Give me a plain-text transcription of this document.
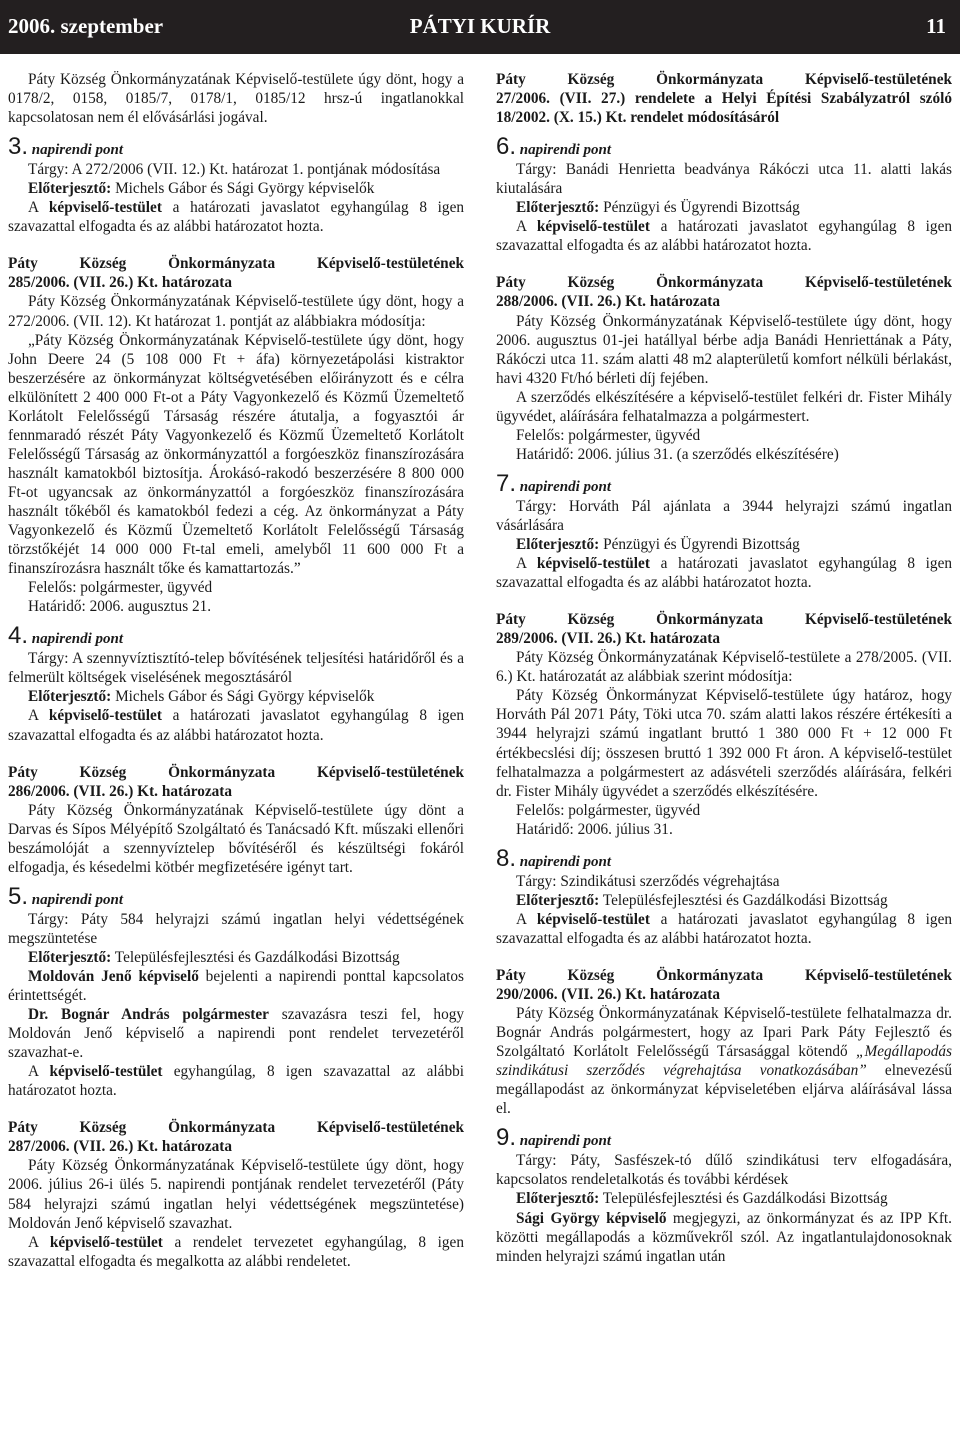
2006. szeptember	PÁTYI KURÍR	11

Páty Község Önkormányzatának Képviselő-testülete úgy dönt, hogy a 0178/2, 0158, 0185/7, 0178/1, 0185/12 hrsz-ú ingatlanokkal kapcsolatosan nem él elővásárlási jogával.

3. napirendi pont

Tárgy: A 272/2006 (VII. 12.) Kt. határozat 1. pontjának módosítása

Előterjesztő: Michels Gábor és Sági György képviselők

A képviselő-testület a határozati javaslatot egyhangúlag 8 igen szavazattal elfogadta és az alábbi határozatot hozta.

Páty Község Önkormányzata Képviselő-testületének
285/2006. (VII. 26.) Kt. határozata

Páty Község Önkormányzatának Képviselő-testülete úgy dönt, hogy a 272/2006. (VII. 12). Kt határozat 1. pontját az alábbiakra módosítja:

„Páty Község Önkormányzatának Képviselő-testülete úgy dönt, hogy John Deere 24 (5 108 000 Ft + áfa) környezetápolási kistraktor beszerzésére az önkormányzat költségvetésében előirányzott és e célra elkülönített 2 400 000 Ft-ot a Páty Vagyonkezelő és Közmű Üzemeltető Korlátolt Felelősségű Társaság részére átutalja, a fogyasztói ár fennmaradó részét Páty Vagyonkezelő és Közmű Üzemeltető Korlátolt Felelősségű Társaság az önkormányzattól a forgóeszköz finanszírozására használt kamatokból biztosítja. Árokásó-rakodó beszerzésére 8 800 000 Ft-ot ugyancsak az önkormányzattól a forgóeszköz finanszírozására használt tőkéből és kamatokból fedezi a cég. Az önkormányzat a Páty Vagyonkezelő és Közmű Üzemeltető Korlátolt Felelősségű Társaság törzstőkéjét 14 000 000 Ft-tal emeli, amelyből 11 600 000 Ft a finanszírozásra használt tőke és kamattartozás.”

Felelős: polgármester, ügyvéd

Határidő: 2006. augusztus 21.

4. napirendi pont

Tárgy: A szennyvíztisztító-telep bővítésének teljesítési határidőről és a felmerült költségek viselésének megosztásáról

Előterjesztő: Michels Gábor és Sági György képviselők

A képviselő-testület a határozati javaslatot egyhangúlag 8 igen szavazattal elfogadta és az alábbi határozatot hozta.

Páty Község Önkormányzata Képviselő-testületének
286/2006. (VII. 26.) Kt. határozata

Páty Község Önkormányzatának Képviselő-testülete úgy dönt a Darvas és Sípos Mélyépítő Szolgáltató és Tanácsadó Kft. műszaki ellenőri beszámolóját a szennyvíztelep bővítéséről és készültségi fokáról elfogadja, és késedelmi kötbér megfizetésére igényt tart.

5. napirendi pont

Tárgy: Páty 584 helyrajzi számú ingatlan helyi védettségének megszüntetése

Előterjesztő: Településfejlesztési és Gazdálkodási Bizottság

Moldován Jenő képviselő bejelenti a napirendi ponttal kapcsolatos érintettségét.

Dr. Bognár András polgármester szavazásra teszi fel, hogy Moldován Jenő képviselő a napirendi pont rendelet tervezetéről szavazhat-e.

A képviselő-testület egyhangúlag, 8 igen szavazattal az alábbi határozatot hozta.

Páty Község Önkormányzata Képviselő-testületének
287/2006. (VII. 26.) Kt. határozata

Páty Község Önkormányzatának Képviselő-testülete úgy dönt, hogy 2006. július 26-i ülés 5. napirendi pontjának rendelet tervezetéről (Páty 584 helyrajzi számú ingatlan helyi védettségének megszüntetése) Moldován Jenő képviselő szavazhat.

A képviselő-testület a rendelet tervezetet egyhangúlag, 8 igen szavazattal elfogadta és megalkotta az alábbi rendeletet.

Páty Község Önkormányzata Képviselő-testületének
27/2006. (VII. 27.) rendelete a Helyi Építési Szabályzatról szóló 18/2002. (X. 15.) Kt. rendelet módosításáról

6. napirendi pont

Tárgy: Banádi Henrietta beadványa Rákóczi utca 11. alatti lakás kiutalására

Előterjesztő: Pénzügyi és Ügyrendi Bizottság

A képviselő-testület a határozati javaslatot egyhangúlag 8 igen szavazattal elfogadta és az alábbi határozatot hozta.

Páty Község Önkormányzata Képviselő-testületének
288/2006. (VII. 26.) Kt. határozata

Páty Község Önkormányzatának Képviselő-testülete úgy dönt, hogy 2006. augusztus 01-jei hatállyal bérbe adja Banádi Henriettának a Páty, Rákóczi utca 11. szám alatti 48 m2 alapterületű komfort nélküli bérlakást, havi 4320 Ft/hó bérleti díj fejében.

A szerződés elkészítésére a képviselő-testület felkéri dr. Fister Mihály ügyvédet, aláírására felhatalmazza a polgármestert.

Felelős: polgármester, ügyvéd

Határidő: 2006. július 31. (a szerződés elkészítésére)

7. napirendi pont

Tárgy: Horváth Pál ajánlata a 3944 helyrajzi számú ingatlan vásárlására

Előterjesztő: Pénzügyi és Ügyrendi Bizottság

A képviselő-testület a határozati javaslatot egyhangúlag 8 igen szavazattal elfogadta és az alábbi határozatot hozta.

Páty Község Önkormányzata Képviselő-testületének
289/2006. (VII. 26.) Kt. határozata

Páty Község Önkormányzatának Képviselő-testülete a 278/2005. (VII. 6.) Kt. határozatát az alábbiak szerint módosítja:

Páty Község Önkormányzat Képviselő-testülete úgy határoz, hogy Horváth Pál 2071 Páty, Töki utca 70. szám alatti lakos részére értékesíti a 3944 helyrajzi számú ingatlant bruttó 1 380 000 Ft + 12 000 Ft értékbecslési díj; összesen bruttó 1 392 000 Ft áron. A képviselő-testület felhatalmazza a polgármestert az adásvételi szerződés aláírására, felkéri dr. Fister Mihály ügyvédet a szerződés elkészítésére.

Felelős: polgármester, ügyvéd

Határidő: 2006. július 31.

8. napirendi pont

Tárgy: Szindikátusi szerződés végrehajtása

Előterjesztő: Településfejlesztési és Gazdálkodási Bizottság

A képviselő-testület a határozati javaslatot egyhangúlag 8 igen szavazattal elfogadta és az alábbi határozatot hozta.

Páty Község Önkormányzata Képviselő-testületének
290/2006. (VII. 26.) Kt. határozata

Páty Község Önkormányzatának Képviselő-testülete felhatalmazza dr. Bognár András polgármestert, hogy az Ipari Park Páty Fejlesztő és Szolgáltató Korlátolt Felelősségű Társasággal kötendő „Megállapodás szindikátusi szerződés végrehajtása vonatkozásában” elnevezésű megállapodást az önkormányzat képviseletében eljárva aláírásával lássa el.

9. napirendi pont

Tárgy: Páty, Sasfészek-tó dűlő szindikátusi terv elfogadására, kapcsolatos rendeletalkotás és további kérdések

Előterjesztő: Településfejlesztési és Gazdálkodási Bizottság

Sági György képviselő megjegyzi, az önkormányzat és az IPP Kft. közötti megállapodás a közművekről szól. Az ingatlantulajdonosoknak minden helyrajzi számú ingatlan után
